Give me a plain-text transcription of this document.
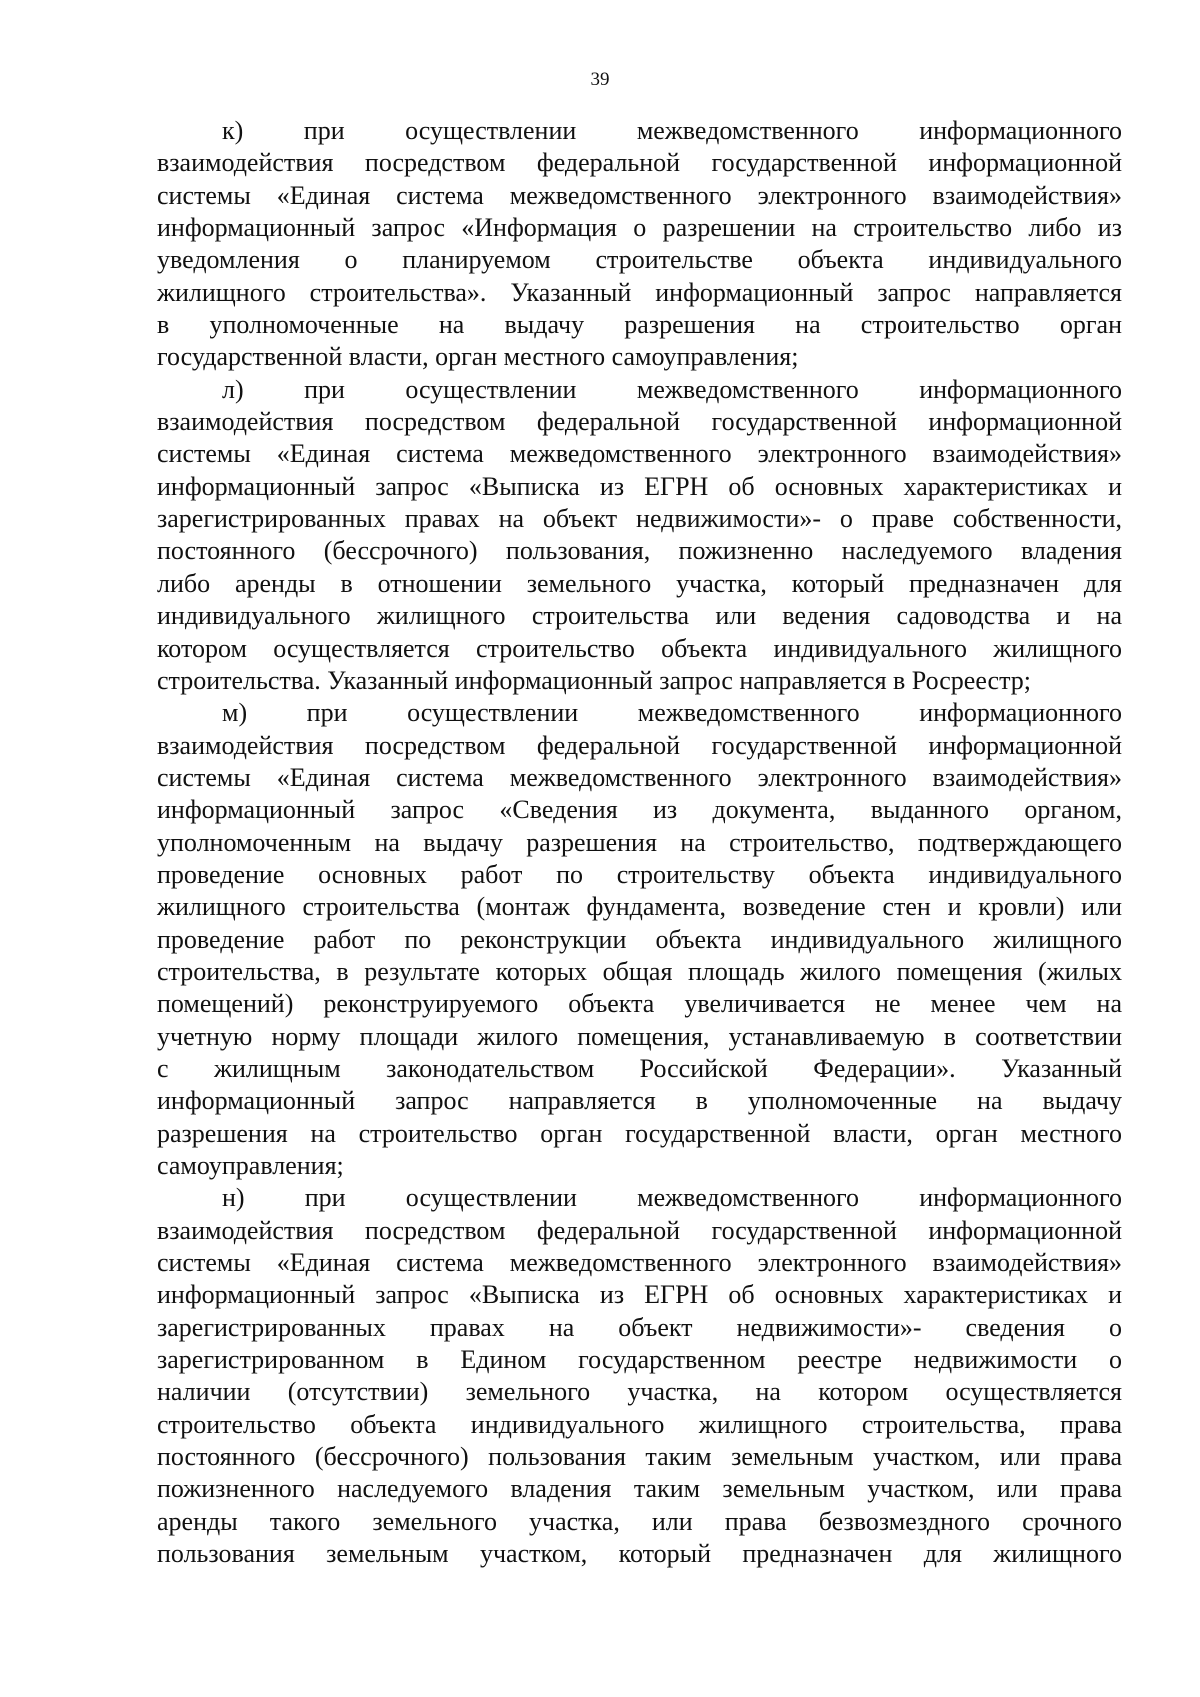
39
к) при осуществлении межведомственного информационного
взаимодействия посредством федеральной государственной информационной
системы «Единая система межведомственного электронного взаимодействия»
информационный запрос «Информация о разрешении на строительство либо из
уведомления о планируемом строительстве объекта индивидуального
жилищного строительства». Указанный информационный запрос направляется
в уполномоченные на выдачу разрешения на строительство орган
государственной власти, орган местного самоуправления;
л) при осуществлении межведомственного информационного
взаимодействия посредством федеральной государственной информационной
системы «Единая система межведомственного электронного взаимодействия»
информационный запрос «Выписка из ЕГРН об основных характеристиках и
зарегистрированных правах на объект недвижимости»- о праве собственности,
постоянного (бессрочного) пользования, пожизненно наследуемого владения
либо аренды в отношении земельного участка, который предназначен для
индивидуального жилищного строительства или ведения садоводства и на
котором осуществляется строительство объекта индивидуального жилищного
строительства. Указанный информационный запрос направляется в Росреестр;
м) при осуществлении межведомственного информационного
взаимодействия посредством федеральной государственной информационной
системы «Единая система межведомственного электронного взаимодействия»
информационный запрос «Сведения из документа, выданного органом,
уполномоченным на выдачу разрешения на строительство, подтверждающего
проведение основных работ по строительству объекта индивидуального
жилищного строительства (монтаж фундамента, возведение стен и кровли) или
проведение работ по реконструкции объекта индивидуального жилищного
строительства, в результате которых общая площадь жилого помещения (жилых
помещений) реконструируемого объекта увеличивается не менее чем на
учетную норму площади жилого помещения, устанавливаемую в соответствии
с жилищным законодательством Российской Федерации». Указанный
информационный запрос направляется в уполномоченные на выдачу
разрешения на строительство орган государственной власти, орган местного
самоуправления;
н) при осуществлении межведомственного информационного
взаимодействия посредством федеральной государственной информационной
системы «Единая система межведомственного электронного взаимодействия»
информационный запрос «Выписка из ЕГРН об основных характеристиках и
зарегистрированных правах на объект недвижимости»- сведения о
зарегистрированном в Едином государственном реестре недвижимости о
наличии (отсутствии) земельного участка, на котором осуществляется
строительство объекта индивидуального жилищного строительства, права
постоянного (бессрочного) пользования таким земельным участком, или права
пожизненного наследуемого владения таким земельным участком, или права
аренды такого земельного участка, или права безвозмездного срочного
пользования земельным участком, который предназначен для жилищного
